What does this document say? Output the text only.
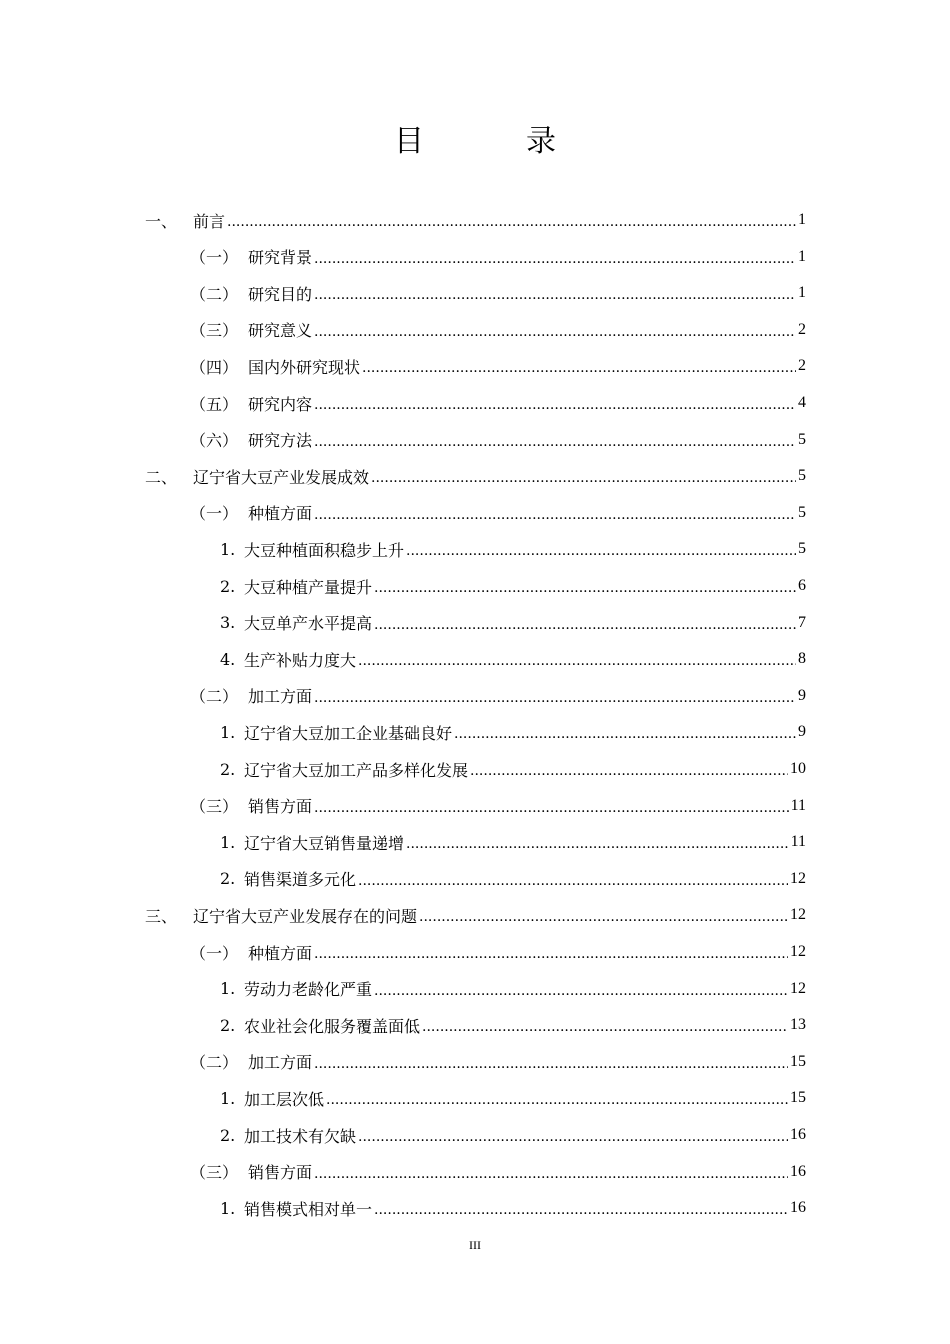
目　录
一、 前言 .....	1
（一） 研究背景 .....	1
（二） 研究目的 .....	1
（三） 研究意义 .....	2
（四） 国内外研究现状 .....	2
（五） 研究内容 .....	4
（六） 研究方法 .....	5
二、 辽宁省大豆产业发展成效 .....	5
（一） 种植方面 .....	5
1. 大豆种植面积稳步上升 .....	5
2. 大豆种植产量提升 .....	6
3. 大豆单产水平提高 .....	7
4. 生产补贴力度大 .....	8
（二） 加工方面 .....	9
1. 辽宁省大豆加工企业基础良好 .....	9
2. 辽宁省大豆加工产品多样化发展 .....	10
（三） 销售方面 .....	11
1. 辽宁省大豆销售量递增 .....	11
2. 销售渠道多元化 .....	12
三、 辽宁省大豆产业发展存在的问题 .....	12
（一） 种植方面 .....	12
1. 劳动力老龄化严重 .....	12
2. 农业社会化服务覆盖面低 .....	13
（二） 加工方面 .....	15
1. 加工层次低 .....	15
2. 加工技术有欠缺 .....	16
（三） 销售方面 .....	16
1. 销售模式相对单一 .....	16
III
